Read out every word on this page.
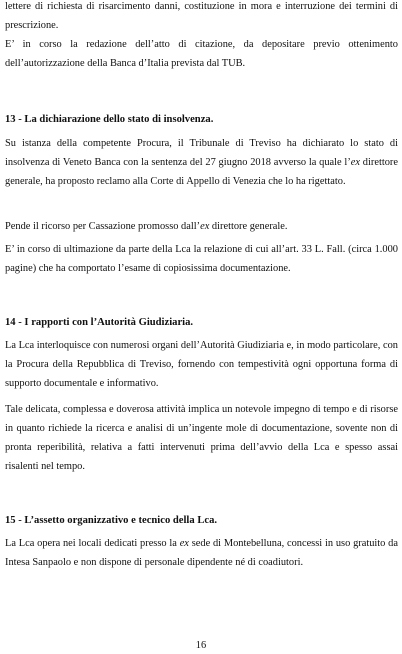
lettere di richiesta di risarcimento danni, costituzione in mora e interruzione dei termini di prescrizione.

E’ in corso la redazione dell’atto di citazione, da depositare previo ottenimento dell’autorizzazione della Banca d’Italia prevista dal TUB.

13 - La dichiarazione dello stato di insolvenza.

Su istanza della competente Procura, il Tribunale di Treviso ha dichiarato lo stato di insolvenza di Veneto Banca con la sentenza del 27 giugno 2018 avverso la quale l’ex direttore generale, ha proposto reclamo alla Corte di Appello di Venezia che lo ha rigettato.

Pende il ricorso per Cassazione promosso dall’ex direttore generale.

E’ in corso di ultimazione da parte della Lca la relazione di cui all’art. 33 L. Fall. (circa 1.000 pagine) che ha comportato l’esame di copiosissima documentazione.

14 - I rapporti con l’Autorità Giudiziaria.

La Lca interloquisce con numerosi organi dell’Autorità Giudiziaria e, in modo particolare, con la Procura della Repubblica di Treviso, fornendo con tempestività ogni opportuna forma di supporto documentale e informativo.

Tale delicata, complessa e doverosa attività implica un notevole impegno di tempo e di risorse in quanto richiede la ricerca e analisi di un’ingente mole di documentazione, sovente non di pronta reperibilità, relativa a fatti intervenuti prima dell’avvio della Lca e spesso assai risalenti nel tempo.

15 - L’assetto organizzativo e tecnico della Lca.

La Lca opera nei locali dedicati presso la ex sede di Montebelluna, concessi in uso gratuito da Intesa Sanpaolo e non dispone di personale dipendente né di coadiutori.

16
